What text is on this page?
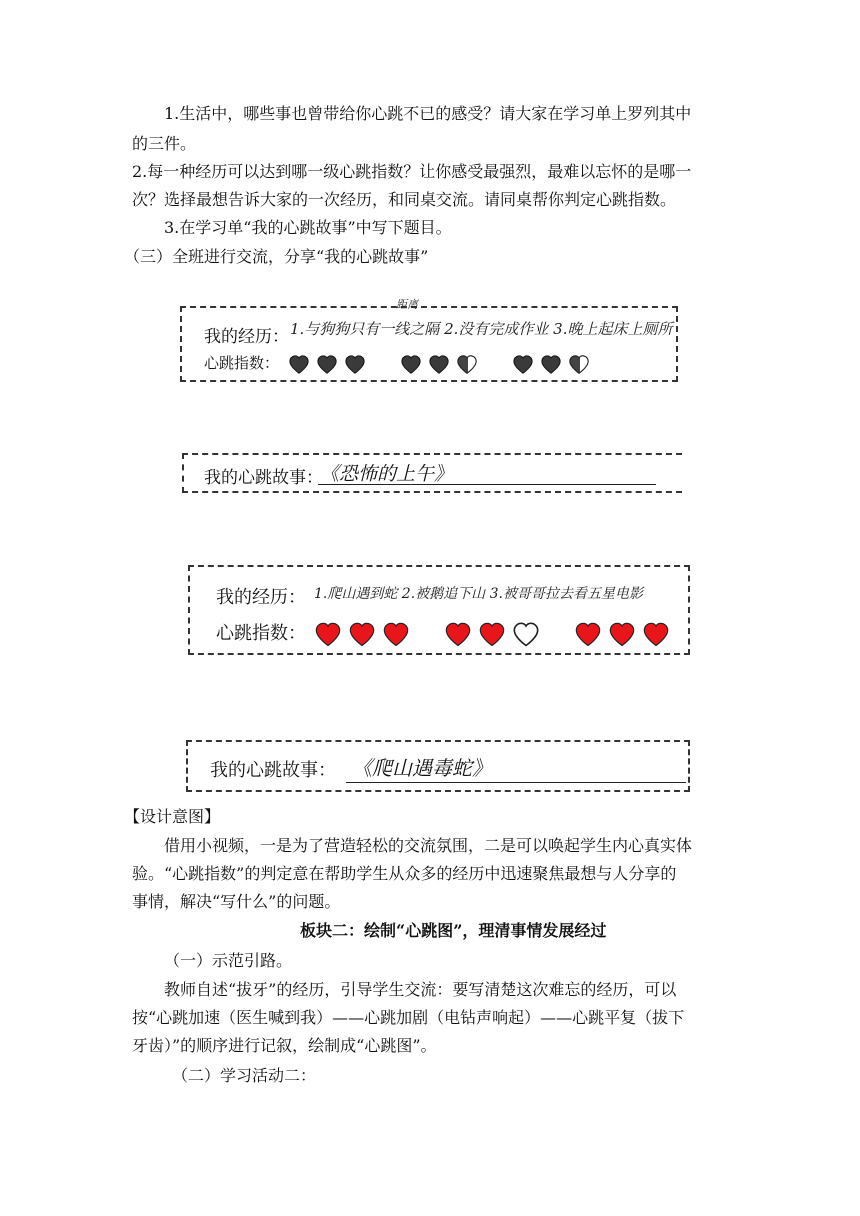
1.生活中，哪些事也曾带给你心跳不已的感受？请大家在学习单上罗列其中
的三件。
2.每一种经历可以达到哪一级心跳指数？让你感受最强烈，最难以忘怀的是哪一
次？选择最想告诉大家的一次经历，和同桌交流。请同桌帮你判定心跳指数。
3.在学习单“我的心跳故事”中写下题目。
（三）全班进行交流，分享“我的心跳故事”
我的经历： 1.与狗狗只有一线之隔 2.没有完成作业 3.晚上起床上厕所
距离
心跳指数：
我的心跳故事：
《恐怖的上午》
我的经历： 1.爬山遇到蛇 2.被鹅追下山 3.被哥哥拉去看五星电影
心跳指数：
我的心跳故事： 《爬山遇毒蛇》
【设计意图】
借用小视频，一是为了营造轻松的交流氛围，二是可以唤起学生内心真实体
验。“心跳指数”的判定意在帮助学生从众多的经历中迅速聚焦最想与人分享的
事情，解决“写什么”的问题。
板块二：绘制“心跳图”，理清事情发展经过
（一）示范引路。
教师自述“拔牙”的经历，引导学生交流：要写清楚这次难忘的经历，可以
按“心跳加速（医生喊到我）——心跳加剧（电钻声响起）——心跳平复（拔下
牙齿）”的顺序进行记叙，绘制成“心跳图”。
（二）学习活动二：
